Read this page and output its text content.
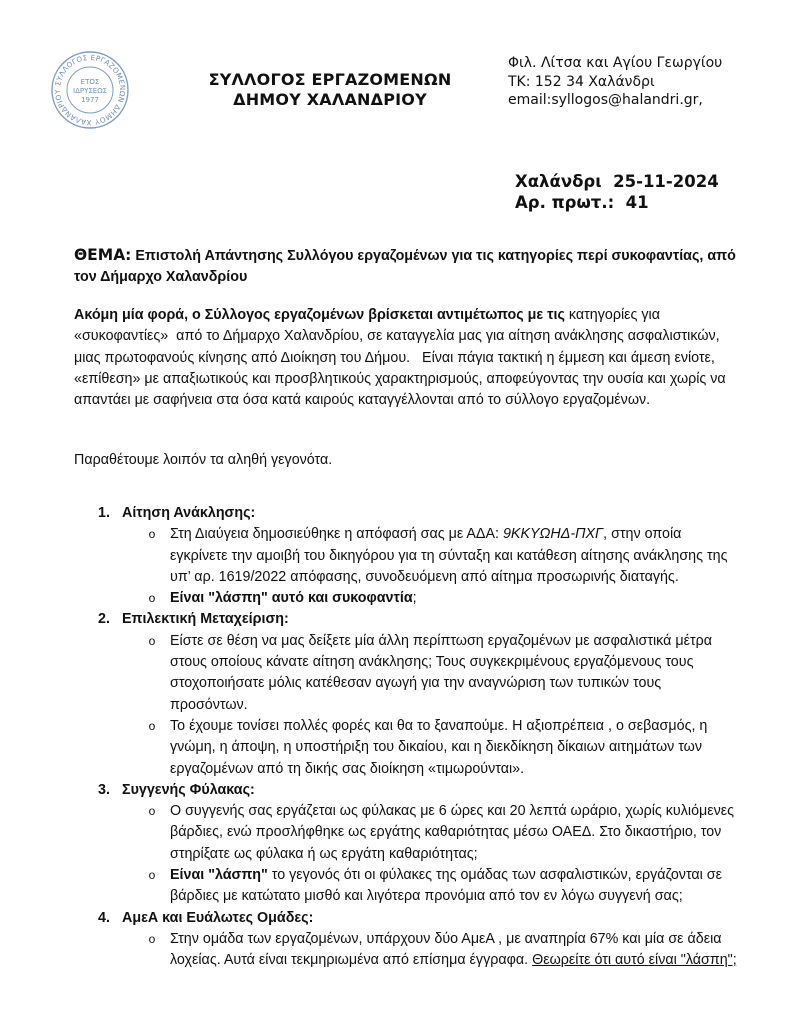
ΣΥΛΛΟΓΟΣ ΕΡΓΑΖΟΜΕΝΩΝ ΔΗΜΟΥ ΧΑΛΑΝΔΡΙΟΥ
ΕΤΟΣ
ΙΔΡΥΣΕΩΣ
1977
ΣΥΛΛΟΓΟΣ ΕΡΓΑΖΟΜΕΝΩΝ
ΔΗΜΟΥ ΧΑΛΑΝΔΡΙΟΥ
Φιλ. Λίτσα και Αγίου Γεωργίου
ΤΚ: 152 34 Χαλάνδρι
email:syllogos@halandri.gr,
Χαλάνδρι  25-11-2024
Αρ. πρωτ.:  41
ΘΕΜΑ: Επιστολή Απάντησης Συλλόγου εργαζομένων για τις κατηγορίες περί συκοφαντίας, από τον Δήμαρχο Χαλανδρίου
Ακόμη μία φορά, ο Σύλλογος εργαζομένων βρίσκεται αντιμέτωπος με τις κατηγορίες για «συκοφαντίες»  από το Δήμαρχο Χαλανδρίου, σε καταγγελία μας για αίτηση ανάκλησης ασφαλιστικών, μιας πρωτοφανούς κίνησης από Διοίκηση του Δήμου.   Είναι πάγια τακτική η έμμεση και άμεση ενίοτε, «επίθεση» με απαξιωτικούς και προσβλητικούς χαρακτηρισμούς, αποφεύγοντας την ουσία και χωρίς να απαντάει με σαφήνεια στα όσα κατά καιρούς καταγγέλλονται από το σύλλογο εργαζομένων.
Παραθέτουμε λοιπόν τα αληθή γεγονότα.
1. Αίτηση Ανάκλησης:
o Στη Διαύγεια δημοσιεύθηκε η απόφασή σας με ΑΔΑ: 9ΚΚΥΩΗΔ-ΠΧΓ, στην οποία εγκρίνετε την αμοιβή του δικηγόρου για τη σύνταξη και κατάθεση αίτησης ανάκλησης της υπ’ αρ. 1619/2022 απόφασης, συνοδευόμενη από αίτημα προσωρινής διαταγής.
o Είναι "λάσπη" αυτό και συκοφαντία;
2. Επιλεκτική Μεταχείριση:
o Είστε σε θέση να μας δείξετε μία άλλη περίπτωση εργαζομένων με ασφαλιστικά μέτρα στους οποίους κάνατε αίτηση ανάκλησης; Τους συγκεκριμένους εργαζόμενους τους στοχοποιήσατε μόλις κατέθεσαν αγωγή για την αναγνώριση των τυπικών τους προσόντων.
o Το έχουμε τονίσει πολλές φορές και θα το ξαναπούμε. Η αξιοπρέπεια , ο σεβασμός, η γνώμη, η άποψη, η υποστήριξη του δικαίου, και η διεκδίκηση δίκαιων αιτημάτων των εργαζομένων από τη δικής σας διοίκηση «τιμωρούνται».
3. Συγγενής Φύλακας:
o Ο συγγενής σας εργάζεται ως φύλακας με 6 ώρες και 20 λεπτά ωράριο, χωρίς κυλιόμενες βάρδιες, ενώ προσλήφθηκε ως εργάτης καθαριότητας μέσω ΟΑΕΔ. Στο δικαστήριο, τον στηρίξατε ως φύλακα ή ως εργάτη καθαριότητας;
o Είναι "λάσπη" το γεγονός ότι οι φύλακες της ομάδας των ασφαλιστικών, εργάζονται σε βάρδιες με κατώτατο μισθό και λιγότερα προνόμια από τον εν λόγω συγγενή σας;
4. ΑμεΑ και Ευάλωτες Ομάδες:
o Στην ομάδα των εργαζομένων, υπάρχουν δύο ΑμεΑ , με αναπηρία 67% και μία σε άδεια λοχείας. Αυτά είναι τεκμηριωμένα από επίσημα έγγραφα. Θεωρείτε ότι αυτό είναι "λάσπη";
